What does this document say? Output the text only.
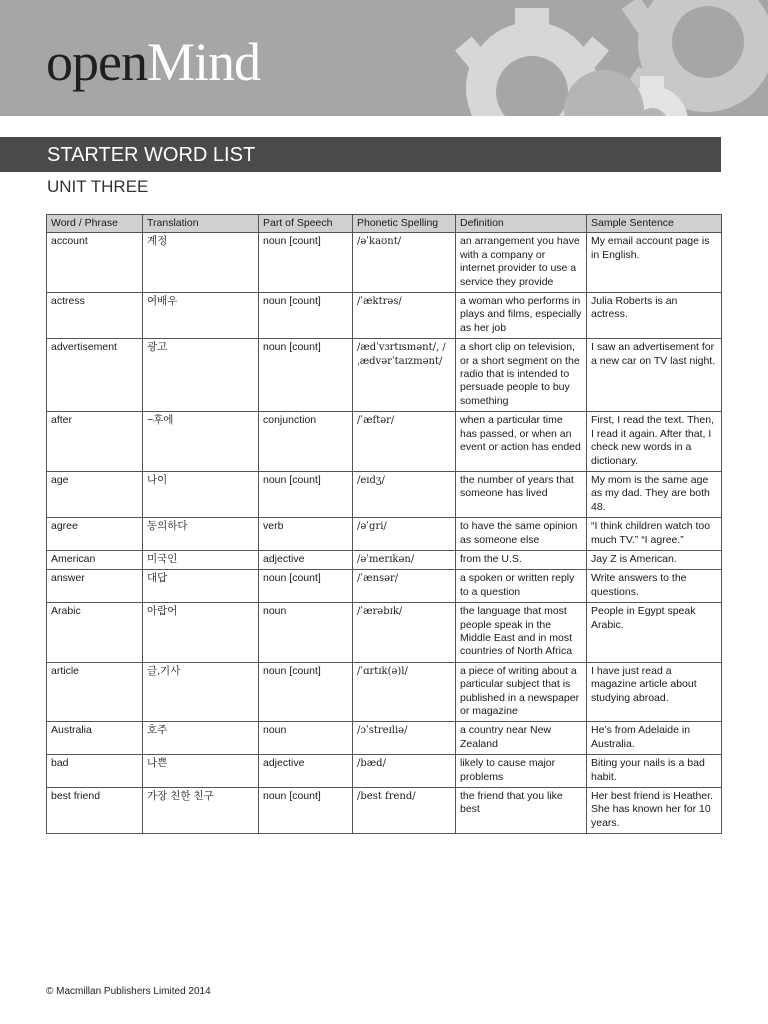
openMind
STARTER WORD LIST
UNIT THREE
Word / Phrase	Translation	Part of Speech	Phonetic Spelling	Definition	Sample Sentence
account	계정	noun [count]	/əˈkaʊnt/	an arrangement you have with a company or internet provider to use a service they provide	My email account page is in English.
actress	여배우	noun [count]	/ˈæktrəs/	a woman who performs in plays and films, especially as her job	Julia Roberts is an actress.
advertisement	광고	noun [count]	/ædˈvɜrtɪsmənt/, /ˌædvərˈtaɪzmənt/	a short clip on television, or a short segment on the radio that is intended to persuade people to buy something	I saw an advertisement for a new car on TV last night.
after	~후에	conjunction	/ˈæftər/	when a particular time has passed, or when an event or action has ended	First, I read the text. Then, I read it again. After that, I check new words in a dictionary.
age	나이	noun [count]	/eɪdʒ/	the number of years that someone has lived	My mom is the same age as my dad. They are both 48.
agree	동의하다	verb	/əˈgri/	to have the same opinion as someone else	“I think children watch too much TV.” “I agree.”
American	미국인	adjective	/əˈmerɪkən/	from the U.S.	Jay Z is American.
answer	대답	noun [count]	/ˈænsər/	a spoken or written reply to a question	Write answers to the questions.
Arabic	아랍어	noun	/ˈærəbɪk/	the language that most people speak in the Middle East and in most countries of North Africa	People in Egypt speak Arabic.
article	글,기사	noun [count]	/ˈɑrtɪk(ə)l/	a piece of writing about a particular subject that is published in a newspaper or magazine	I have just read a magazine article about studying abroad.
Australia	호주	noun	/ɔˈstreɪliə/	a country near New Zealand	He’s from Adelaide in Australia.
bad	나쁜	adjective	/bæd/	likely to cause major problems	Biting your nails is a bad habit.
best friend	가장 친한 친구	noun [count]	/best frend/	the friend that you like best	Her best friend is Heather. She has known her for 10 years.
© Macmillan Publishers Limited 2014
